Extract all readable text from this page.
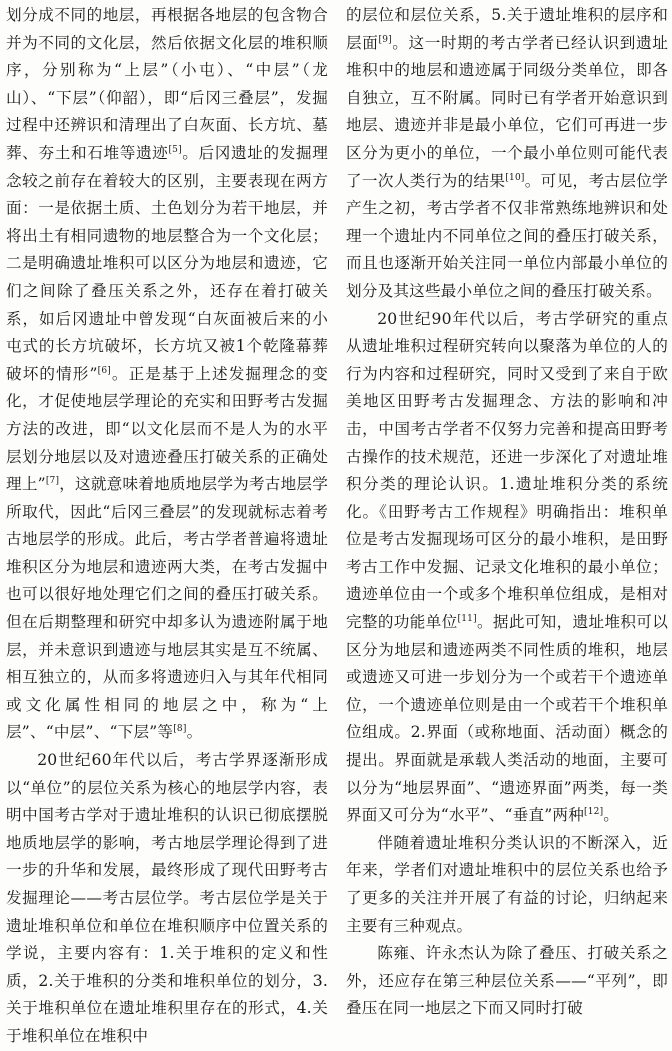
划分成不同的地层，再根据各地层的包含物合并为不同的文化层，然后依据文化层的堆积顺序，分别称为“上层”（小屯）、“中层”（龙山）、“下层”（仰韶），即“后冈三叠层”，发掘过程中还辨识和清理出了白灰面、长方坑、墓葬、夯土和石堆等遗迹[5]。后冈遗址的发掘理念较之前存在着较大的区别，主要表现在两方面：一是依据土质、土色划分为若干地层，并将出土有相同遗物的地层整合为一个文化层；二是明确遗址堆积可以区分为地层和遗迹，它们之间除了叠压关系之外，还存在着打破关系，如后冈遗址中曾发现“白灰面被后来的小屯式的长方坑破坏，长方坑又被1个乾隆幕葬破坏的情形”[6]。正是基于上述发掘理念的变化，才促使地层学理论的充实和田野考古发掘方法的改进，即“以文化层而不是人为的水平层划分地层以及对遗迹叠压打破关系的正确处理上”[7]，这就意味着地质地层学为考古地层学所取代，因此“后冈三叠层”的发现就标志着考古地层学的形成。此后，考古学者普遍将遗址堆积区分为地层和遗迹两大类，在考古发掘中也可以很好地处理它们之间的叠压打破关系。但在后期整理和研究中却多认为遗迹附属于地层，并未意识到遗迹与地层其实是互不统属、相互独立的，从而多将遗迹归入与其年代相同或文化属性相同的地层之中，称为“上层”、“中层”、“下层”等[8]。

20世纪60年代以后，考古学界逐渐形成以“单位”的层位关系为核心的地层学内容，表明中国考古学对于遗址堆积的认识已彻底摆脱地质地层学的影响，考古地层学理论得到了进一步的升华和发展，最终形成了现代田野考古发掘理论——考古层位学。考古层位学是关于遗址堆积单位和单位在堆积顺序中位置关系的学说，主要内容有：1.关于堆积的定义和性质，2.关于堆积的分类和堆积单位的划分，3.关于堆积单位在遗址堆积里存在的形式，4.关于堆积单位在堆积中

的层位和层位关系，5.关于遗址堆积的层序和层面[9]。这一时期的考古学者已经认识到遗址堆积中的地层和遗迹属于同级分类单位，即各自独立，互不附属。同时已有学者开始意识到地层、遗迹并非是最小单位，它们可再进一步区分为更小的单位，一个最小单位则可能代表了一次人类行为的结果[10]。可见，考古层位学产生之初，考古学者不仅非常熟练地辨识和处理一个遗址内不同单位之间的叠压打破关系，而且也逐渐开始关注同一单位内部最小单位的划分及其这些最小单位之间的叠压打破关系。

20世纪90年代以后，考古学研究的重点从遗址堆积过程研究转向以聚落为单位的人的行为内容和过程研究，同时又受到了来自于欧美地区田野考古发掘理念、方法的影响和冲击，中国考古学者不仅努力完善和提高田野考古操作的技术规范，还进一步深化了对遗址堆积分类的理论认识。1.遗址堆积分类的系统化。《田野考古工作规程》明确指出：堆积单位是考古发掘现场可区分的最小堆积，是田野考古工作中发掘、记录文化堆积的最小单位；遗迹单位由一个或多个堆积单位组成，是相对完整的功能单位[11]。据此可知，遗址堆积可以区分为地层和遗迹两类不同性质的堆积，地层或遗迹又可进一步划分为一个或若干个遗迹单位，一个遗迹单位则是由一个或若干个堆积单位组成。2.界面（或称地面、活动面）概念的提出。界面就是承载人类活动的地面，主要可以分为“地层界面”、“遗迹界面”两类，每一类界面又可分为“水平”、“垂直”两种[12]。

伴随着遗址堆积分类认识的不断深入，近年来，学者们对遗址堆积中的层位关系也给予了更多的关注并开展了有益的讨论，归纳起来主要有三种观点。

陈雍、许永杰认为除了叠压、打破关系之外，还应存在第三种层位关系——“平列”，即叠压在同一地层之下而又同时打破
